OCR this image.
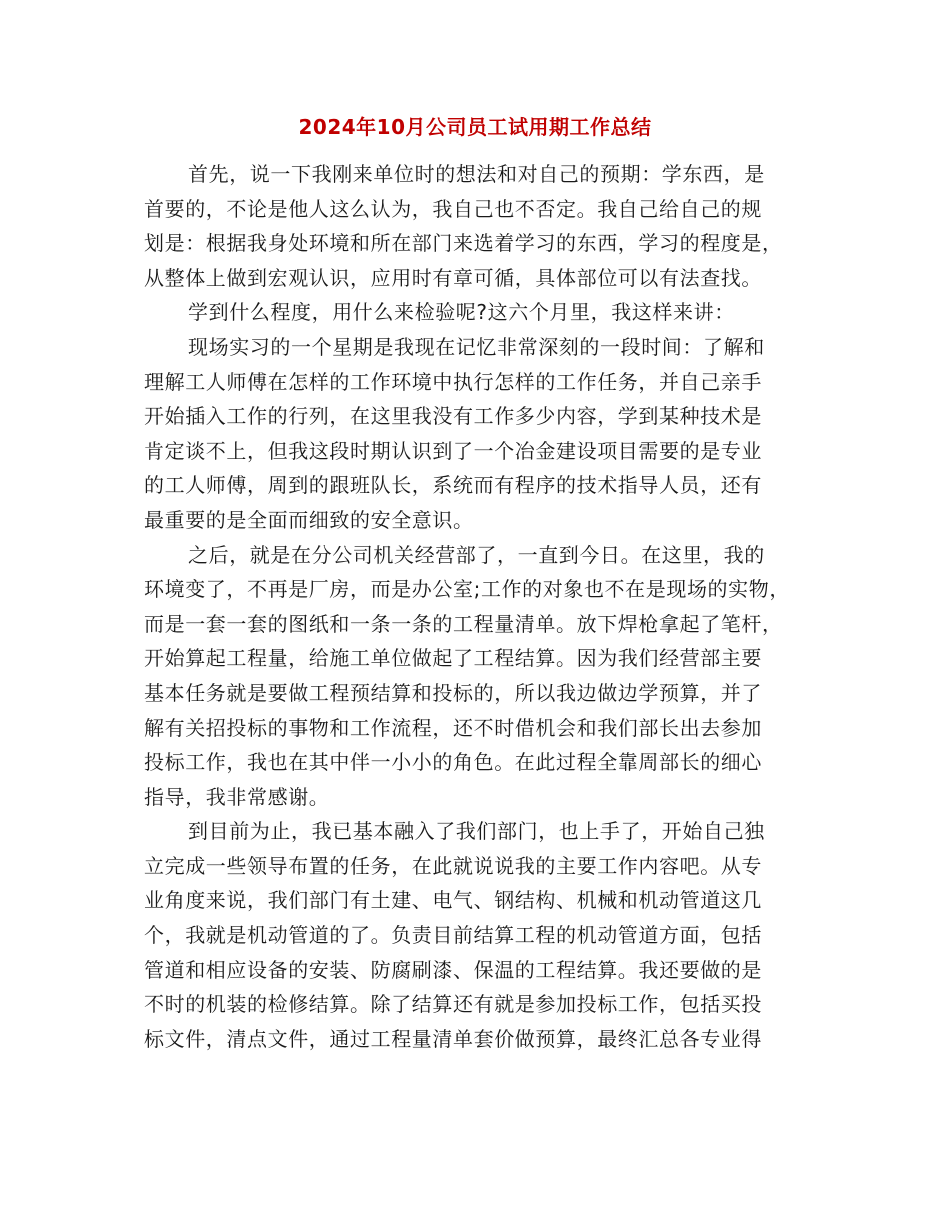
2024年10月公司员工试用期工作总结
首先，说一下我刚来单位时的想法和对自己的预期：学东西，是
首要的，不论是他人这么认为，我自己也不否定。我自己给自己的规
划是：根据我身处环境和所在部门来选着学习的东西，学习的程度是，
从整体上做到宏观认识，应用时有章可循，具体部位可以有法查找。
学到什么程度，用什么来检验呢?这六个月里，我这样来讲：
现场实习的一个星期是我现在记忆非常深刻的一段时间：了解和
理解工人师傅在怎样的工作环境中执行怎样的工作任务，并自己亲手
开始插入工作的行列，在这里我没有工作多少内容，学到某种技术是
肯定谈不上，但我这段时期认识到了一个冶金建设项目需要的是专业
的工人师傅，周到的跟班队长，系统而有程序的技术指导人员，还有
最重要的是全面而细致的安全意识。
之后，就是在分公司机关经营部了，一直到今日。在这里，我的
环境变了，不再是厂房，而是办公室;工作的对象也不在是现场的实物，
而是一套一套的图纸和一条一条的工程量清单。放下焊枪拿起了笔杆，
开始算起工程量，给施工单位做起了工程结算。因为我们经营部主要
基本任务就是要做工程预结算和投标的，所以我边做边学预算，并了
解有关招投标的事物和工作流程，还不时借机会和我们部长出去参加
投标工作，我也在其中伴一小小的角色。在此过程全靠周部长的细心
指导，我非常感谢。
到目前为止，我已基本融入了我们部门，也上手了，开始自己独
立完成一些领导布置的任务，在此就说说我的主要工作内容吧。从专
业角度来说，我们部门有土建、电气、钢结构、机械和机动管道这几
个，我就是机动管道的了。负责目前结算工程的机动管道方面，包括
管道和相应设备的安装、防腐刷漆、保温的工程结算。我还要做的是
不时的机装的检修结算。除了结算还有就是参加投标工作，包括买投
标文件，清点文件，通过工程量清单套价做预算，最终汇总各专业得
